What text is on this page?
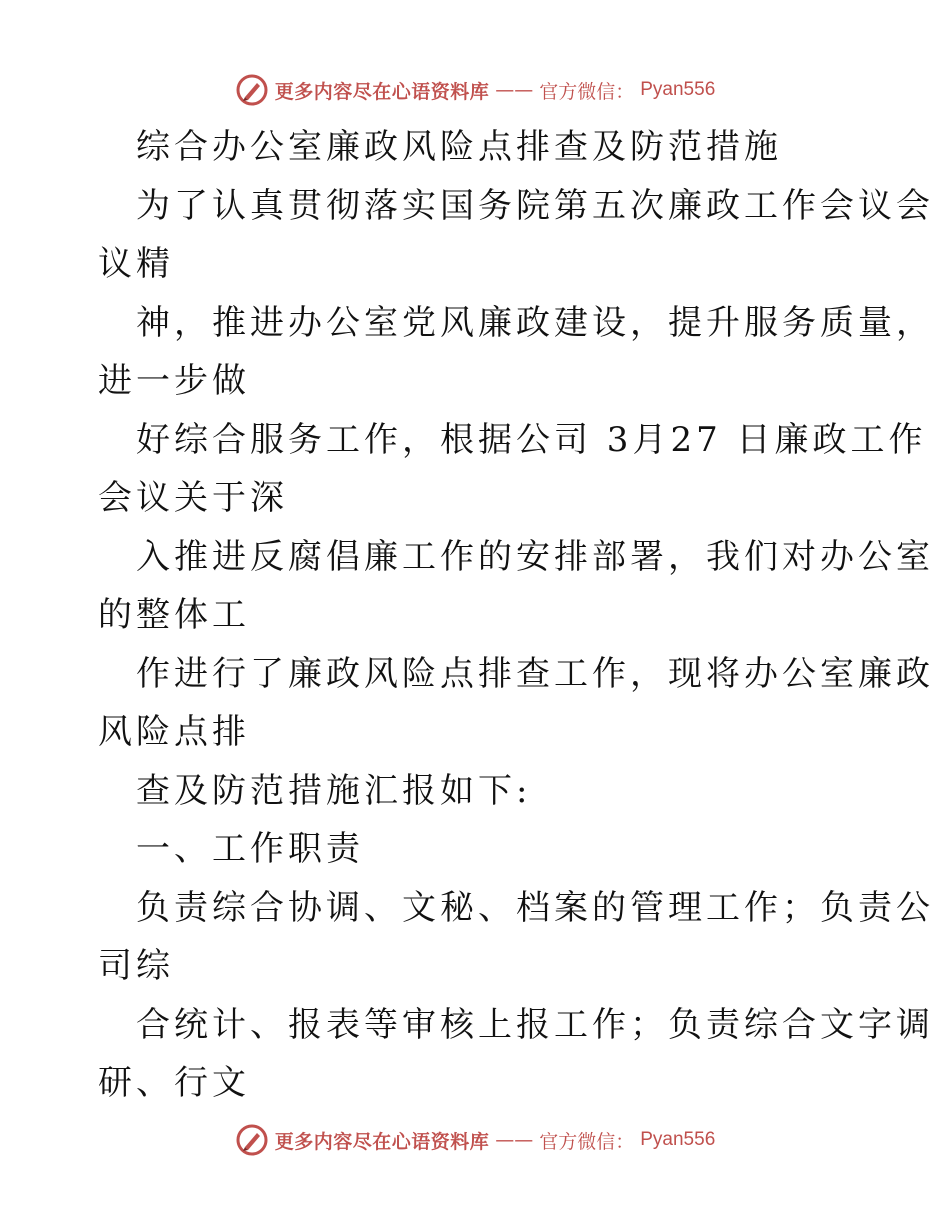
更多内容尽在心语资料库 —— 官方微信： Pyan556
综合办公室廉政风险点排查及防范措施
为了认真贯彻落实国务院第五次廉政工作会议会
议精
神，推进办公室党风廉政建设，提升服务质量，
进一步做
好综合服务工作，根据公司 3月27 日廉政工作
会议关于深
入推进反腐倡廉工作的安排部署，我们对办公室
的整体工
作进行了廉政风险点排查工作，现将办公室廉政
风险点排
查及防范措施汇报如下:
一、工作职责
负责综合协调、文秘、档案的管理工作；负责公
司综
合统计、报表等审核上报工作；负责综合文字调
研、行文
更多内容尽在心语资料库 —— 官方微信： Pyan556
